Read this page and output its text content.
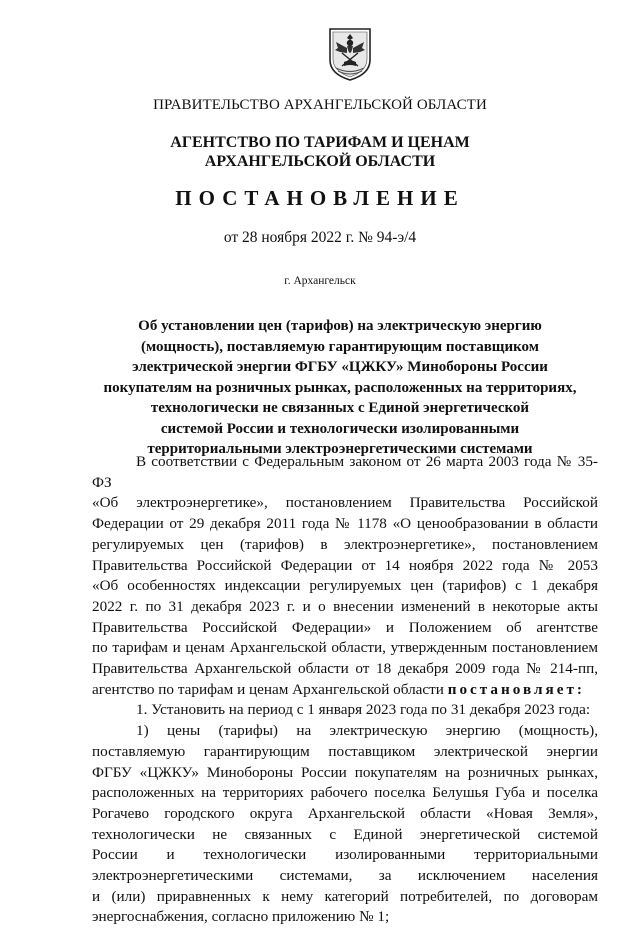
ПРАВИТЕЛЬСТВО АРХАНГЕЛЬСКОЙ ОБЛАСТИ
АГЕНТСТВО ПО ТАРИФАМ И ЦЕНАМ
АРХАНГЕЛЬСКОЙ ОБЛАСТИ
ПОСТАНОВЛЕНИЕ
от 28 ноября 2022 г. № 94-э/4
г. Архангельск
Об установлении цен (тарифов) на электрическую энергию
(мощность), поставляемую гарантирующим поставщиком
электрической энергии ФГБУ «ЦЖКУ» Минобороны России
покупателям на розничных рынках, расположенных на территориях,
технологически не связанных с Единой энергетической
системой России и технологически изолированными
территориальными электроэнергетическими системами
В соответствии с Федеральным законом от 26 марта 2003 года № 35-ФЗ
«Об электроэнергетике», постановлением Правительства Российской
Федерации от 29 декабря 2011 года № 1178 «О ценообразовании в области
регулируемых цен (тарифов) в электроэнергетике», постановлением
Правительства Российской Федерации от 14 ноября 2022 года № 2053
«Об особенностях индексации регулируемых цен (тарифов) с 1 декабря
2022 г. по 31 декабря 2023 г. и о внесении изменений в некоторые акты
Правительства Российской Федерации» и Положением об агентстве
по тарифам и ценам Архангельской области, утвержденным постановлением
Правительства Архангельской области от 18 декабря 2009 года № 214-пп,
агентство по тарифам и ценам Архангельской области постановляет:
1. Установить на период с 1 января 2023 года по 31 декабря 2023 года:
1) цены (тарифы) на электрическую энергию (мощность),
поставляемую гарантирующим поставщиком электрической энергии
ФГБУ «ЦЖКУ» Минобороны России покупателям на розничных рынках,
расположенных на территориях рабочего поселка Белушья Губа и поселка
Рогачево городского округа Архангельской области «Новая Земля»,
технологически не связанных с Единой энергетической системой
России и технологически изолированными территориальными
электроэнергетическими системами, за исключением населения
и (или) приравненных к нему категорий потребителей, по договорам
энергоснабжения, согласно приложению № 1;
